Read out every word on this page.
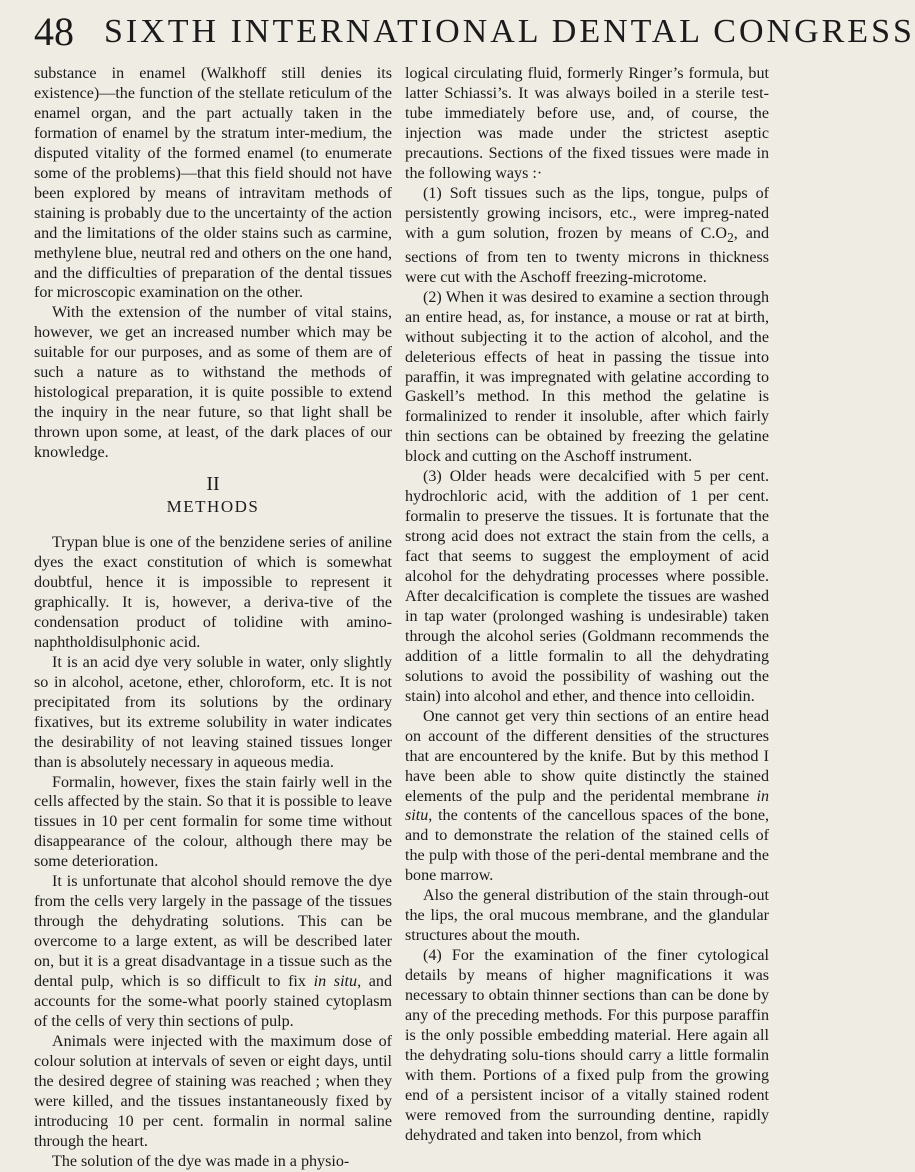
48 SIXTH INTERNATIONAL DENTAL CONGRESS

substance in enamel (Walkhoff still denies its existence)—the function of the stellate reticulum of the enamel organ, and the part actually taken in the formation of enamel by the stratum inter-medium, the disputed vitality of the formed enamel (to enumerate some of the problems)—that this field should not have been explored by means of intravitam methods of staining is probably due to the uncertainty of the action and the limitations of the older stains such as carmine, methylene blue, neutral red and others on the one hand, and the difficulties of preparation of the dental tissues for microscopic examination on the other.

With the extension of the number of vital stains, however, we get an increased number which may be suitable for our purposes, and as some of them are of such a nature as to withstand the methods of histological preparation, it is quite possible to extend the inquiry in the near future, so that light shall be thrown upon some, at least, of the dark places of our knowledge.

II
METHODS

Trypan blue is one of the benzidene series of aniline dyes the exact constitution of which is somewhat doubtful, hence it is impossible to represent it graphically. It is, however, a deriva-tive of the condensation product of tolidine with amino-naphtholdisulphonic acid.

It is an acid dye very soluble in water, only slightly so in alcohol, acetone, ether, chloroform, etc. It is not precipitated from its solutions by the ordinary fixatives, but its extreme solubility in water indicates the desirability of not leaving stained tissues longer than is absolutely necessary in aqueous media.

Formalin, however, fixes the stain fairly well in the cells affected by the stain. So that it is possible to leave tissues in 10 per cent formalin for some time without disappearance of the colour, although there may be some deterioration.

It is unfortunate that alcohol should remove the dye from the cells very largely in the passage of the tissues through the dehydrating solutions. This can be overcome to a large extent, as will be described later on, but it is a great disadvantage in a tissue such as the dental pulp, which is so difficult to fix in situ, and accounts for the some-what poorly stained cytoplasm of the cells of very thin sections of pulp.

Animals were injected with the maximum dose of colour solution at intervals of seven or eight days, until the desired degree of staining was reached ; when they were killed, and the tissues instantaneously fixed by introducing 10 per cent. formalin in normal saline through the heart.

The solution of the dye was made in a physio-

logical circulating fluid, formerly Ringer’s formula, but latter Schiassi’s. It was always boiled in a sterile test-tube immediately before use, and, of course, the injection was made under the strictest aseptic precautions. Sections of the fixed tissues were made in the following ways :·

(1) Soft tissues such as the lips, tongue, pulps of persistently growing incisors, etc., were impreg-nated with a gum solution, frozen by means of $C.O_2$, and sections of from ten to twenty microns in thickness were cut with the Aschoff freezing-microtome.

(2) When it was desired to examine a section through an entire head, as, for instance, a mouse or rat at birth, without subjecting it to the action of alcohol, and the deleterious effects of heat in passing the tissue into paraffin, it was impregnated with gelatine according to Gaskell’s method. In this method the gelatine is formalinized to render it insoluble, after which fairly thin sections can be obtained by freezing the gelatine block and cutting on the Aschoff instrument.

(3) Older heads were decalcified with 5 per cent. hydrochloric acid, with the addition of 1 per cent. formalin to preserve the tissues. It is fortunate that the strong acid does not extract the stain from the cells, a fact that seems to suggest the employment of acid alcohol for the dehydrating processes where possible. After decalcification is complete the tissues are washed in tap water (prolonged washing is undesirable) taken through the alcohol series (Goldmann recommends the addition of a little formalin to all the dehydrating solutions to avoid the possibility of washing out the stain) into alcohol and ether, and thence into celloidin.

One cannot get very thin sections of an entire head on account of the different densities of the structures that are encountered by the knife. But by this method I have been able to show quite distinctly the stained elements of the pulp and the peridental membrane in situ, the contents of the cancellous spaces of the bone, and to demonstrate the relation of the stained cells of the pulp with those of the peri-dental membrane and the bone marrow.

Also the general distribution of the stain through-out the lips, the oral mucous membrane, and the glandular structures about the mouth.

(4) For the examination of the finer cytological details by means of higher magnifications it was necessary to obtain thinner sections than can be done by any of the preceding methods. For this purpose paraffin is the only possible embedding material. Here again all the dehydrating solu-tions should carry a little formalin with them. Portions of a fixed pulp from the growing end of a persistent incisor of a vitally stained rodent were removed from the surrounding dentine, rapidly dehydrated and taken into benzol, from which
